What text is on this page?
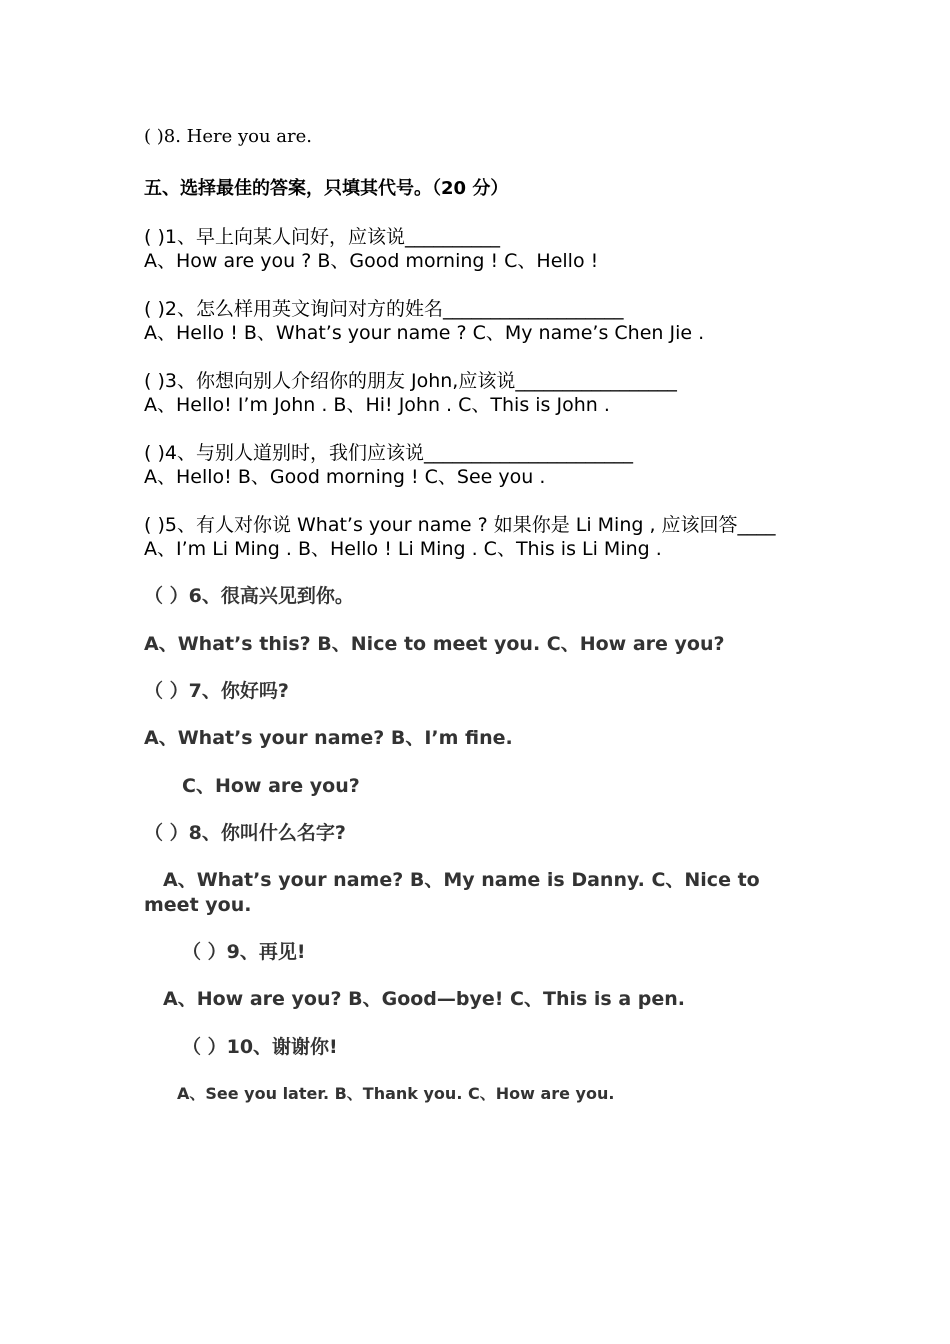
( )8. Here you are.
五、选择最佳的答案，只填其代号。（20 分）
( )1、早上向某人问好，应该说__________
A、How are you ? B、Good morning ! C、Hello !
( )2、怎么样用英文询问对方的姓名___________________
A、Hello ! B、What’s your name ? C、My name’s Chen Jie .
( )3、你想向别人介绍你的朋友 John,应该说_________________
A、Hello! I’m John . B、Hi! John . C、This is John .
( )4、与别人道别时，我们应该说______________________
A、Hello! B、Good morning ! C、See you .
( )5、有人对你说 What’s your name ? 如果你是 Li Ming , 应该回答____
A、I’m Li Ming . B、Hello ! Li Ming . C、This is Li Ming .
（ ）6、很高兴见到你。
A、What’s this? B、Nice to meet you. C、How are you?
（ ）7、你好吗?
A、What’s your name? B、I’m fine.
C、How are you?
（ ）8、你叫什么名字?
A、What’s your name? B、My name is Danny. C、Nice to
meet you.
（ ）9、再见!
A、How are you? B、Good—bye! C、This is a pen.
（ ）10、谢谢你!
A、See you later. B、Thank you. C、How are you.
